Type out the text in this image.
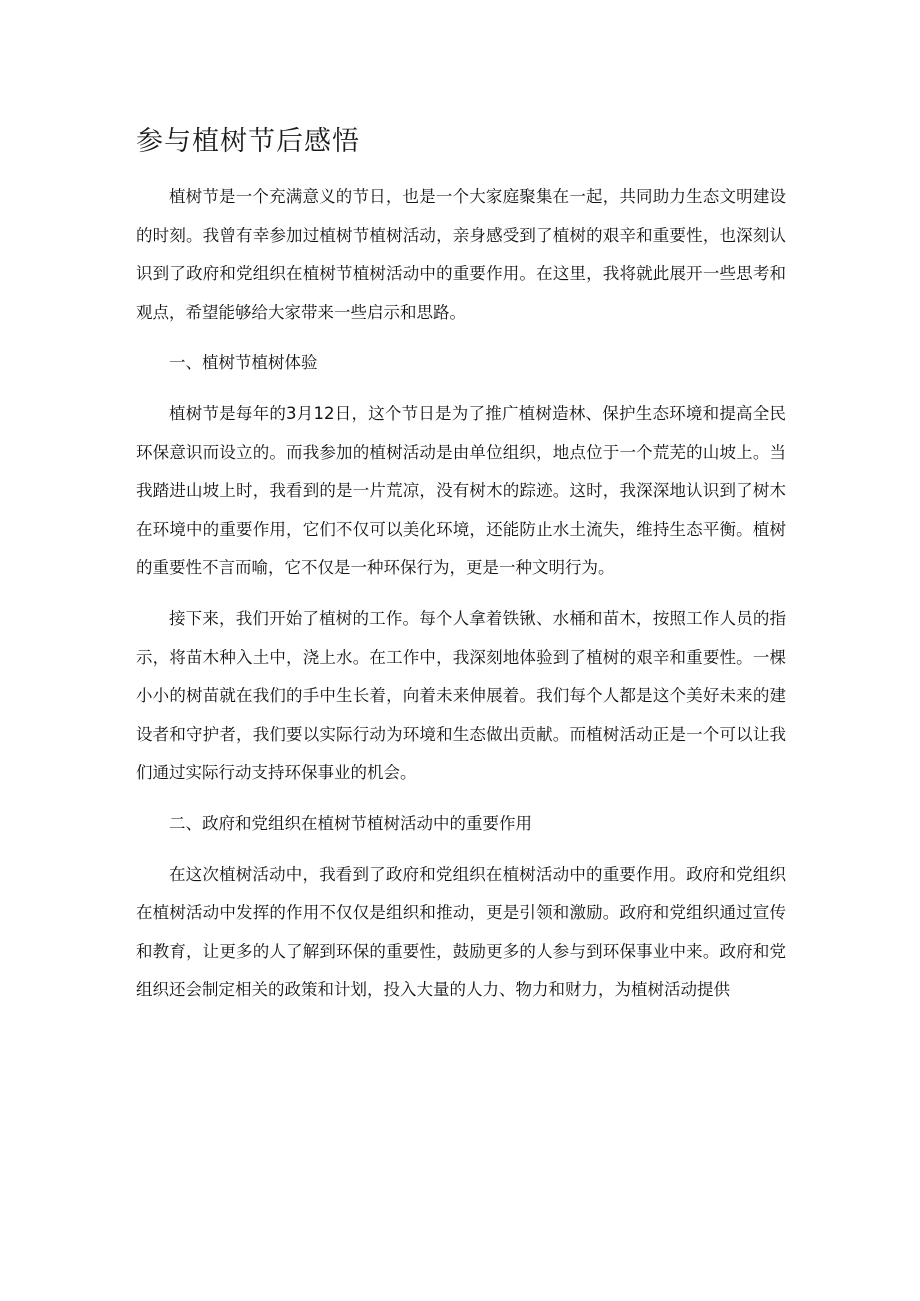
参与植树节后感悟

植树节是一个充满意义的节日，也是一个大家庭聚集在一起，共同助力生态文明建设的时刻。我曾有幸参加过植树节植树活动，亲身感受到了植树的艰辛和重要性，也深刻认识到了政府和党组织在植树节植树活动中的重要作用。在这里，我将就此展开一些思考和观点，希望能够给大家带来一些启示和思路。

一、植树节植树体验

植树节是每年的3月12日，这个节日是为了推广植树造林、保护生态环境和提高全民环保意识而设立的。而我参加的植树活动是由单位组织，地点位于一个荒芜的山坡上。当我踏进山坡上时，我看到的是一片荒凉，没有树木的踪迹。这时，我深深地认识到了树木在环境中的重要作用，它们不仅可以美化环境，还能防止水土流失，维持生态平衡。植树的重要性不言而喻，它不仅是一种环保行为，更是一种文明行为。

接下来，我们开始了植树的工作。每个人拿着铁锹、水桶和苗木，按照工作人员的指示，将苗木种入土中，浇上水。在工作中，我深刻地体验到了植树的艰辛和重要性。一棵小小的树苗就在我们的手中生长着，向着未来伸展着。我们每个人都是这个美好未来的建设者和守护者，我们要以实际行动为环境和生态做出贡献。而植树活动正是一个可以让我们通过实际行动支持环保事业的机会。

二、政府和党组织在植树节植树活动中的重要作用

在这次植树活动中，我看到了政府和党组织在植树活动中的重要作用。政府和党组织在植树活动中发挥的作用不仅仅是组织和推动，更是引领和激励。政府和党组织通过宣传和教育，让更多的人了解到环保的重要性，鼓励更多的人参与到环保事业中来。政府和党组织还会制定相关的政策和计划，投入大量的人力、物力和财力，为植树活动提供
